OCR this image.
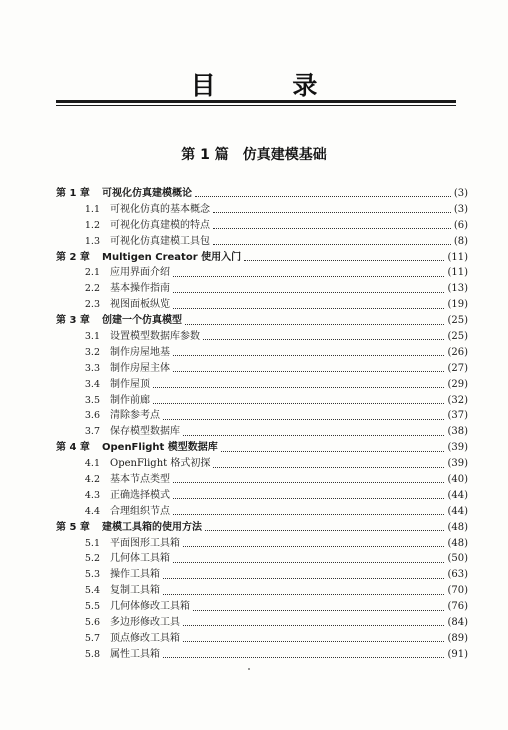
目 录
第 1 篇 仿真建模基础
第 1 章	可视化仿真建模概论	(3)
1.1 可视化仿真的基本概念	(3)
1.2 可视化仿真建模的特点	(6)
1.3 可视化仿真建模工具包	(8)
第 2 章	Multigen Creator 使用入门	(11)
2.1 应用界面介绍	(11)
2.2 基本操作指南	(13)
2.3 视图面板纵览	(19)
第 3 章	创建一个仿真模型	(25)
3.1 设置模型数据库参数	(25)
3.2 制作房屋地基	(26)
3.3 制作房屋主体	(27)
3.4 制作屋顶	(29)
3.5 制作前廊	(32)
3.6 清除参考点	(37)
3.7 保存模型数据库	(38)
第 4 章	OpenFlight 模型数据库	(39)
4.1 OpenFlight 格式初探	(39)
4.2 基本节点类型	(40)
4.3 正确选择模式	(44)
4.4 合理组织节点	(44)
第 5 章	建模工具箱的使用方法	(48)
5.1 平面图形工具箱	(48)
5.2 几何体工具箱	(50)
5.3 操作工具箱	(63)
5.4 复制工具箱	(70)
5.5 几何体修改工具箱	(76)
5.6 多边形修改工具	(84)
5.7 顶点修改工具箱	(89)
5.8 属性工具箱	(91)
